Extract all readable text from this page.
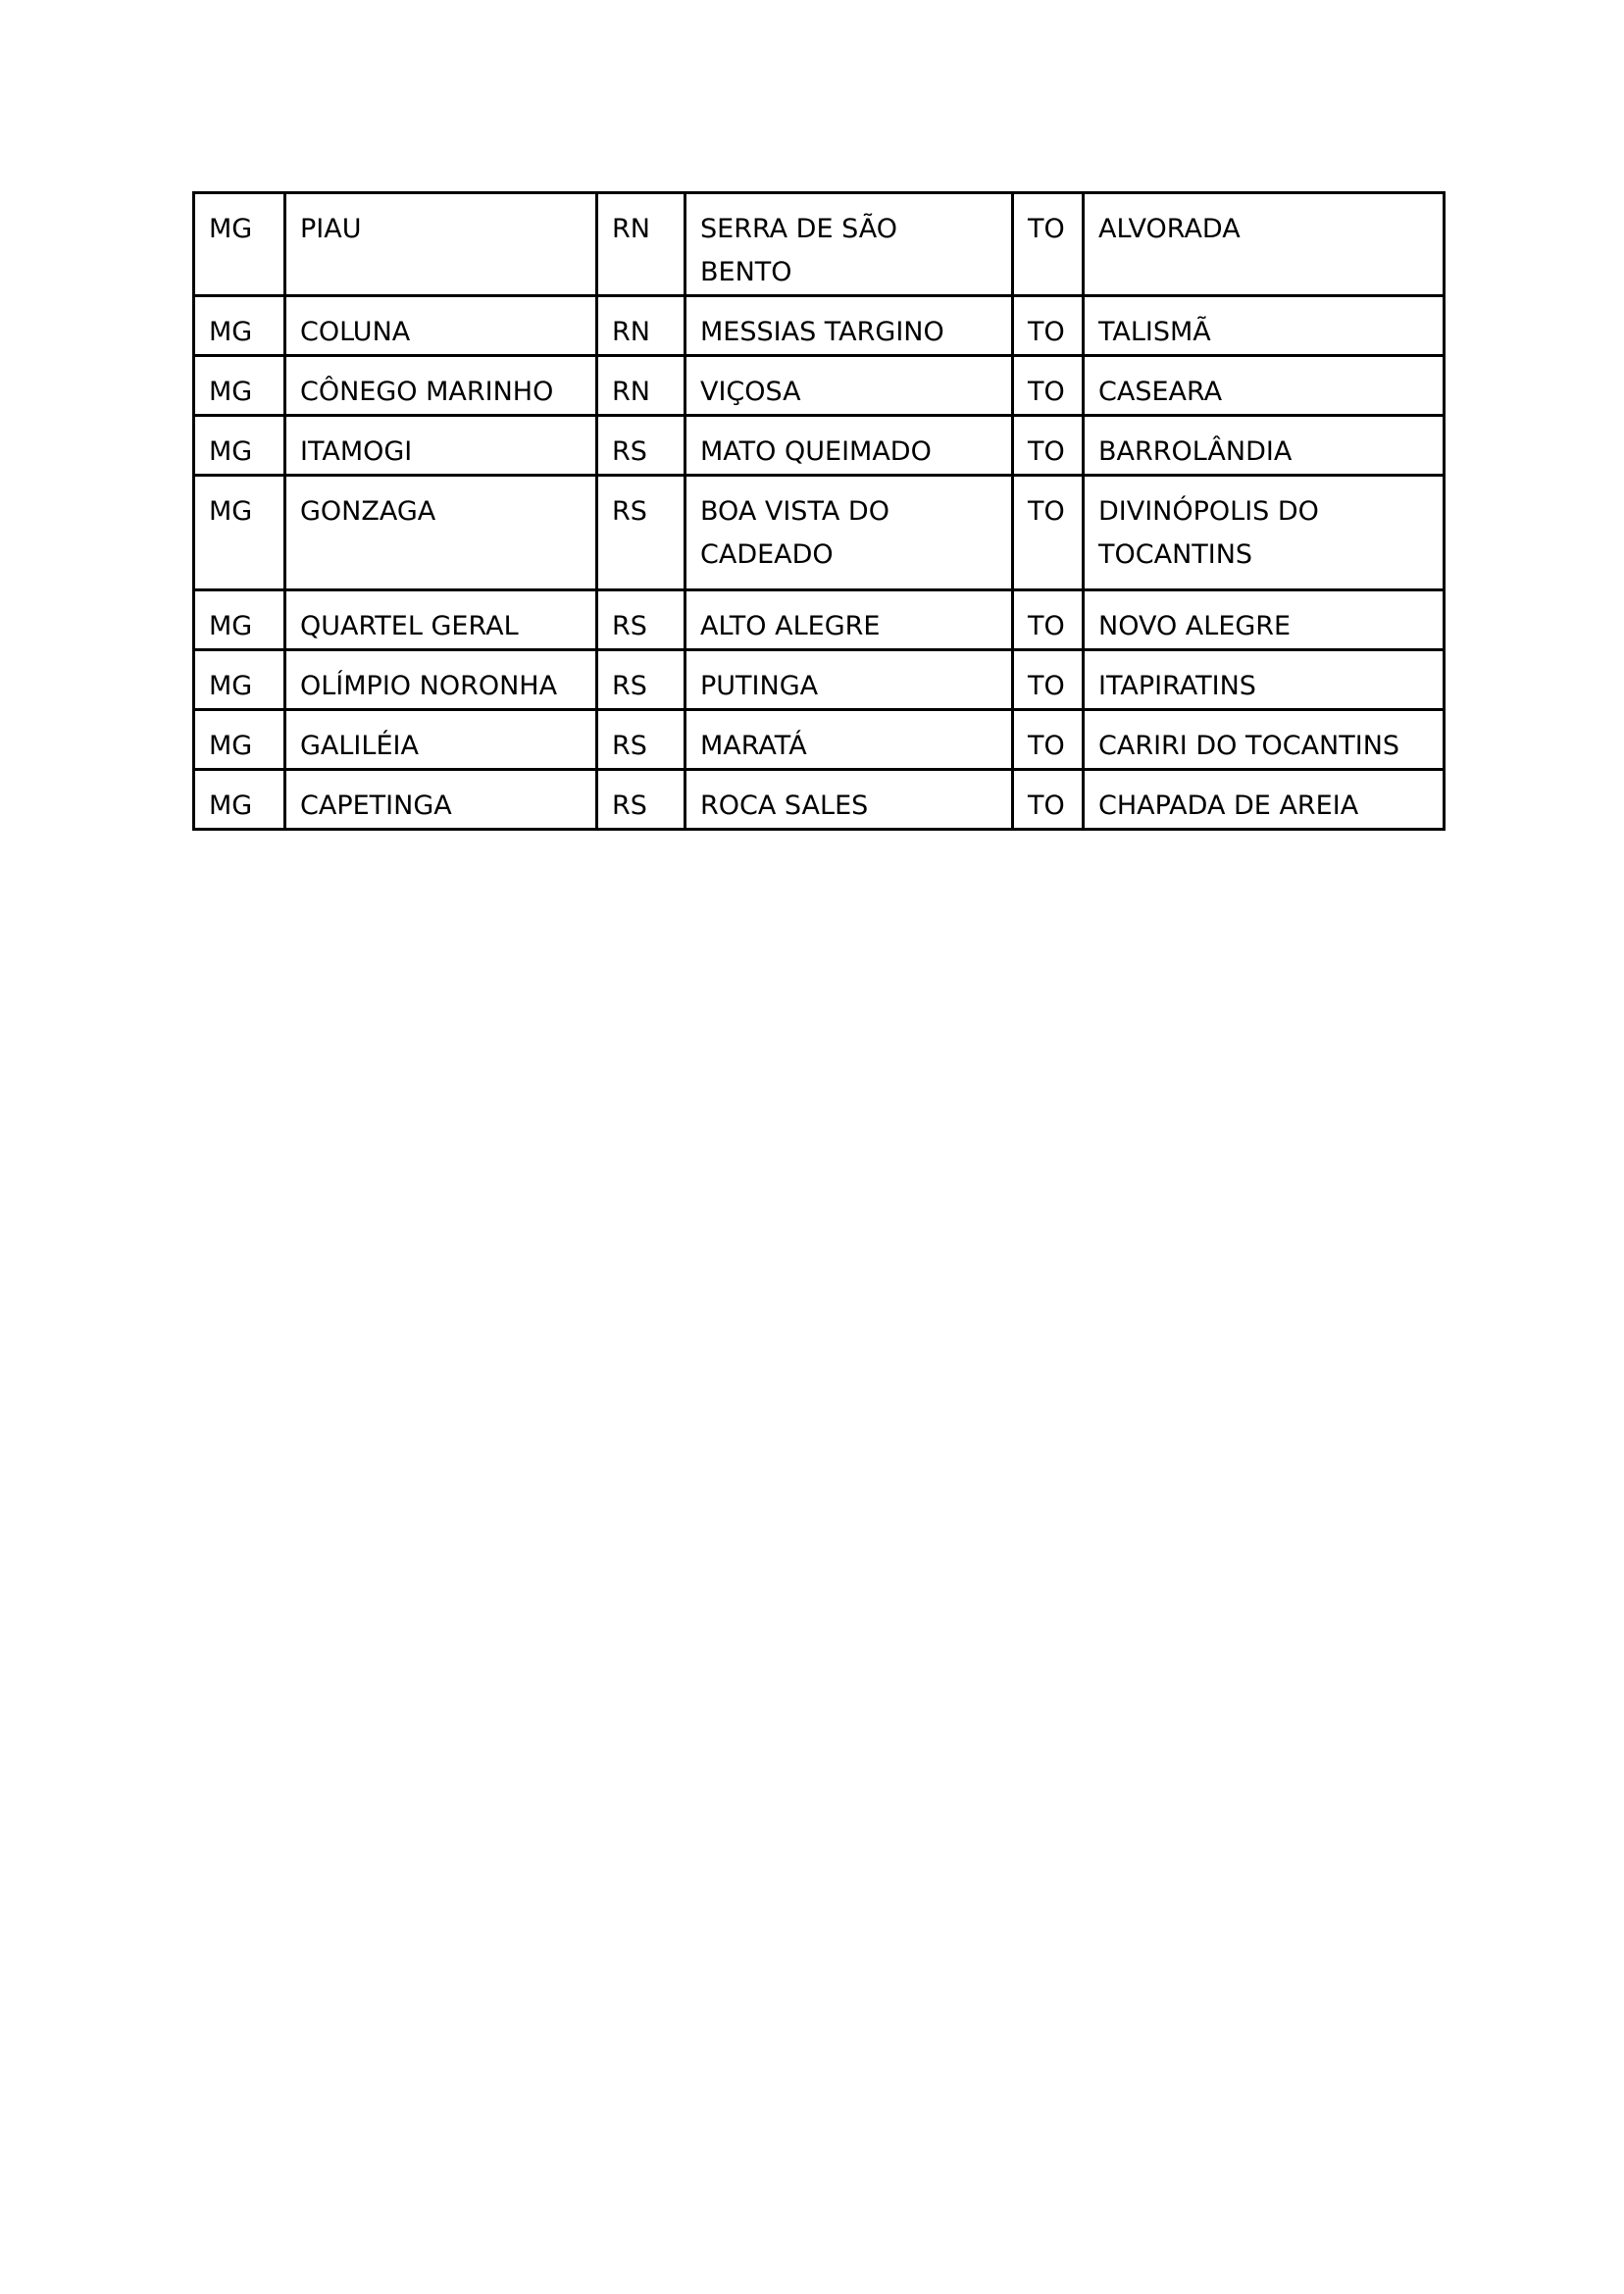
MG	PIAU	RN	SERRA DE SÃO BENTO	TO	ALVORADA
MG	COLUNA	RN	MESSIAS TARGINO	TO	TALISMÃ
MG	CÔNEGO MARINHO	RN	VIÇOSA	TO	CASEARA
MG	ITAMOGI	RS	MATO QUEIMADO	TO	BARROLÂNDIA
MG	GONZAGA	RS	BOA VISTA DO CADEADO	TO	DIVINÓPOLIS DO TOCANTINS
MG	QUARTEL GERAL	RS	ALTO ALEGRE	TO	NOVO ALEGRE
MG	OLÍMPIO NORONHA	RS	PUTINGA	TO	ITAPIRATINS
MG	GALILÉIA	RS	MARATÁ	TO	CARIRI DO TOCANTINS
MG	CAPETINGA	RS	ROCA SALES	TO	CHAPADA DE AREIA
